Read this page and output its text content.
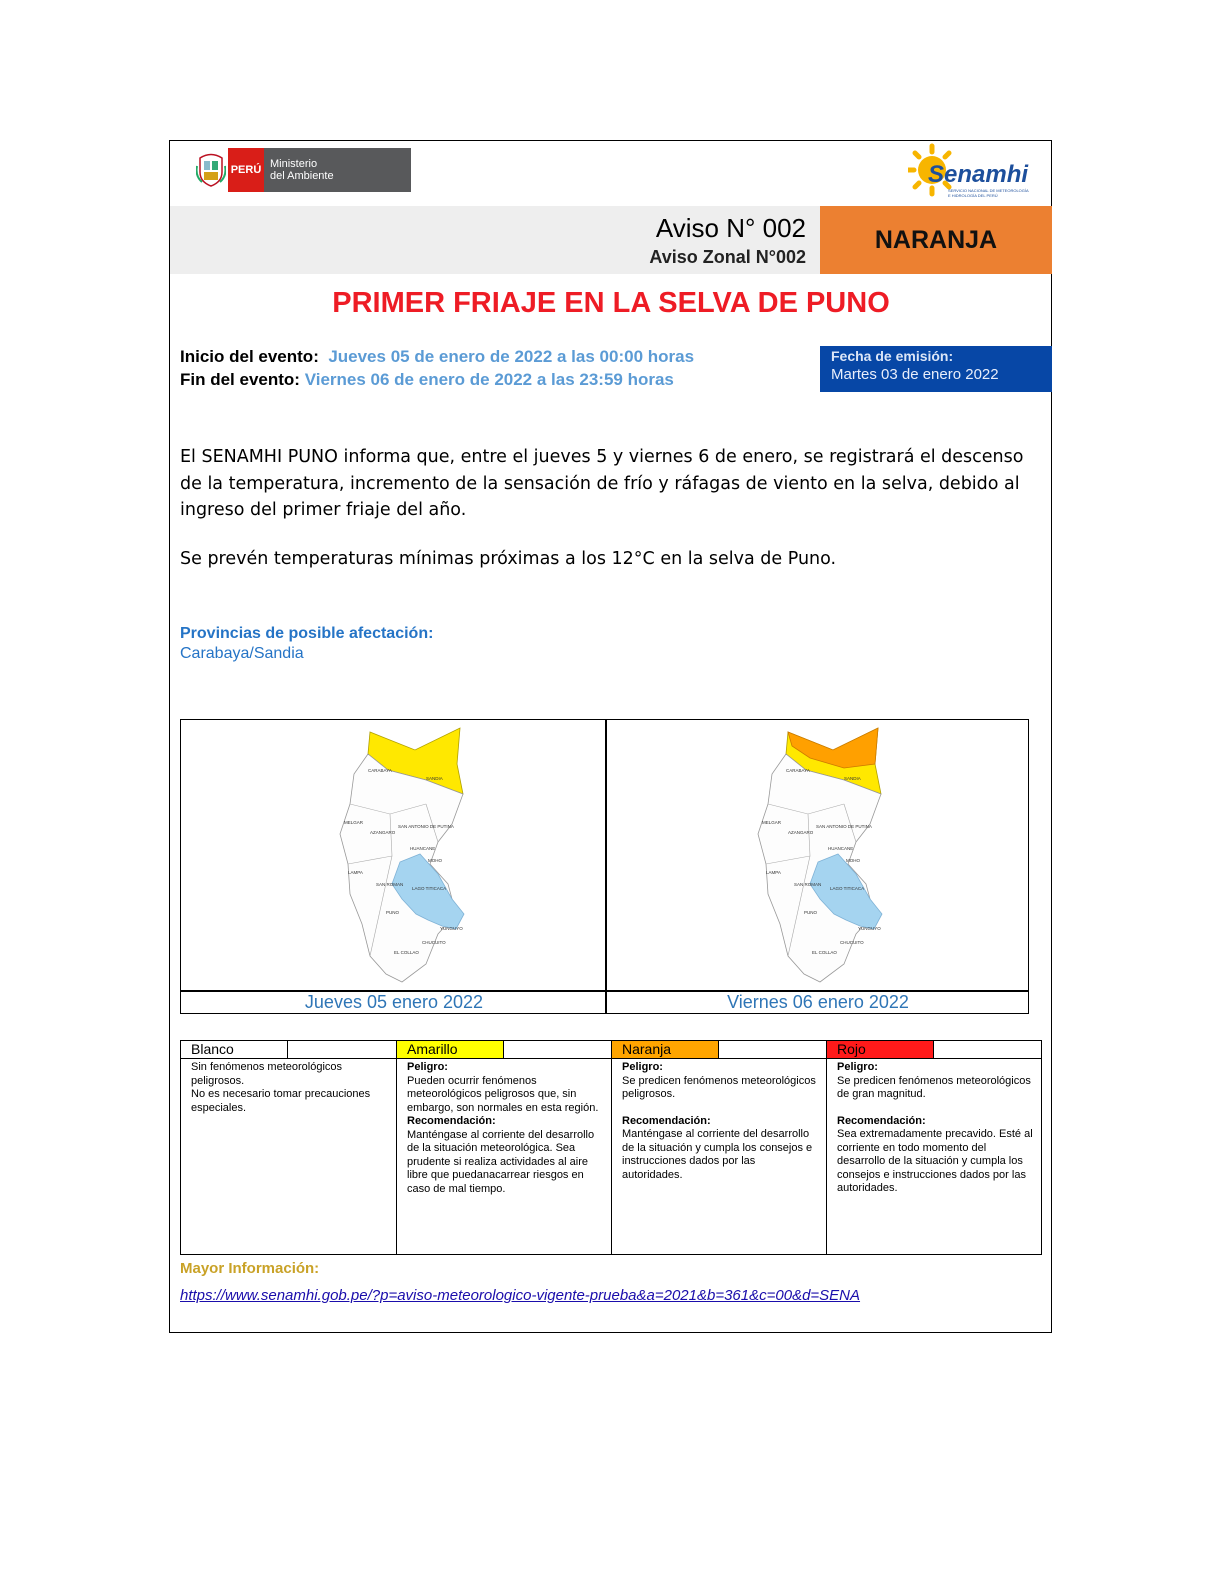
PERÚ Ministerio
del Ambiente	Senamhi
SERVICIO NACIONAL DE METEOROLOGÍA
E HIDROLOGÍA DEL PERÚ
Aviso N° 002
Aviso Zonal N°002
NARANJA
PRIMER FRIAJE EN LA SELVA DE PUNO
Inicio del evento: Jueves 05 de enero de 2022 a las 00:00 horas
Fin del evento: Viernes 06 de enero de 2022 a las 23:59 horas
Fecha de emisión:
Martes 03 de enero 2022
El SENAMHI PUNO informa que, entre el jueves 5 y viernes 6 de enero, se registrará el descenso de la temperatura, incremento de la sensación de frío y ráfagas de viento en la selva, debido al ingreso del primer friaje del año.
Se prevén temperaturas mínimas próximas a los 12°C en la selva de Puno.
Provincias de posible afectación:
Carabaya/Sandia
CARABAYA
SANDIA
MELGAR
AZANGARO
SAN ANTONIO DE PUTINA
HUANCANE
MOHO
LAMPA
SAN ROMAN
LAGO TITICACA
PUNO
EL COLLAO
CHUCUITO
YUNGUYO
CARABAYA
SANDIA
MELGAR
AZANGARO
SAN ANTONIO DE PUTINA
HUANCANE
MOHO
LAMPA
SAN ROMAN
LAGO TITICACA
PUNO
EL COLLAO
CHUCUITO
YUNGUYO
Jueves 05 enero 2022	Viernes 06 enero 2022
Blanco
Sin fenómenos meteorológicos peligrosos.
No es necesario tomar precauciones especiales.
Amarillo
Peligro:
Pueden ocurrir fenómenos meteorológicos peligrosos que, sin embargo, son normales en esta región.
Recomendación:
Manténgase al corriente del desarrollo de la situación meteorológica. Sea prudente si realiza actividades al aire libre que puedanacarrear riesgos en caso de mal tiempo.
Naranja
Peligro:
Se predicen fenómenos meteorológicos peligrosos.
Recomendación:
Manténgase al corriente del desarrollo de la situación y cumpla los consejos e instrucciones dados por las autoridades.
Rojo
Peligro:
Se predicen fenómenos meteorológicos de gran magnitud.
Recomendación:
Sea extremadamente precavido. Esté al corriente en todo momento del desarrollo de la situación y cumpla los consejos e instrucciones dados por las autoridades.
Mayor Información:
https://www.senamhi.gob.pe/?p=aviso-meteorologico-vigente-prueba&a=2021&b=361&c=00&d=SENA
